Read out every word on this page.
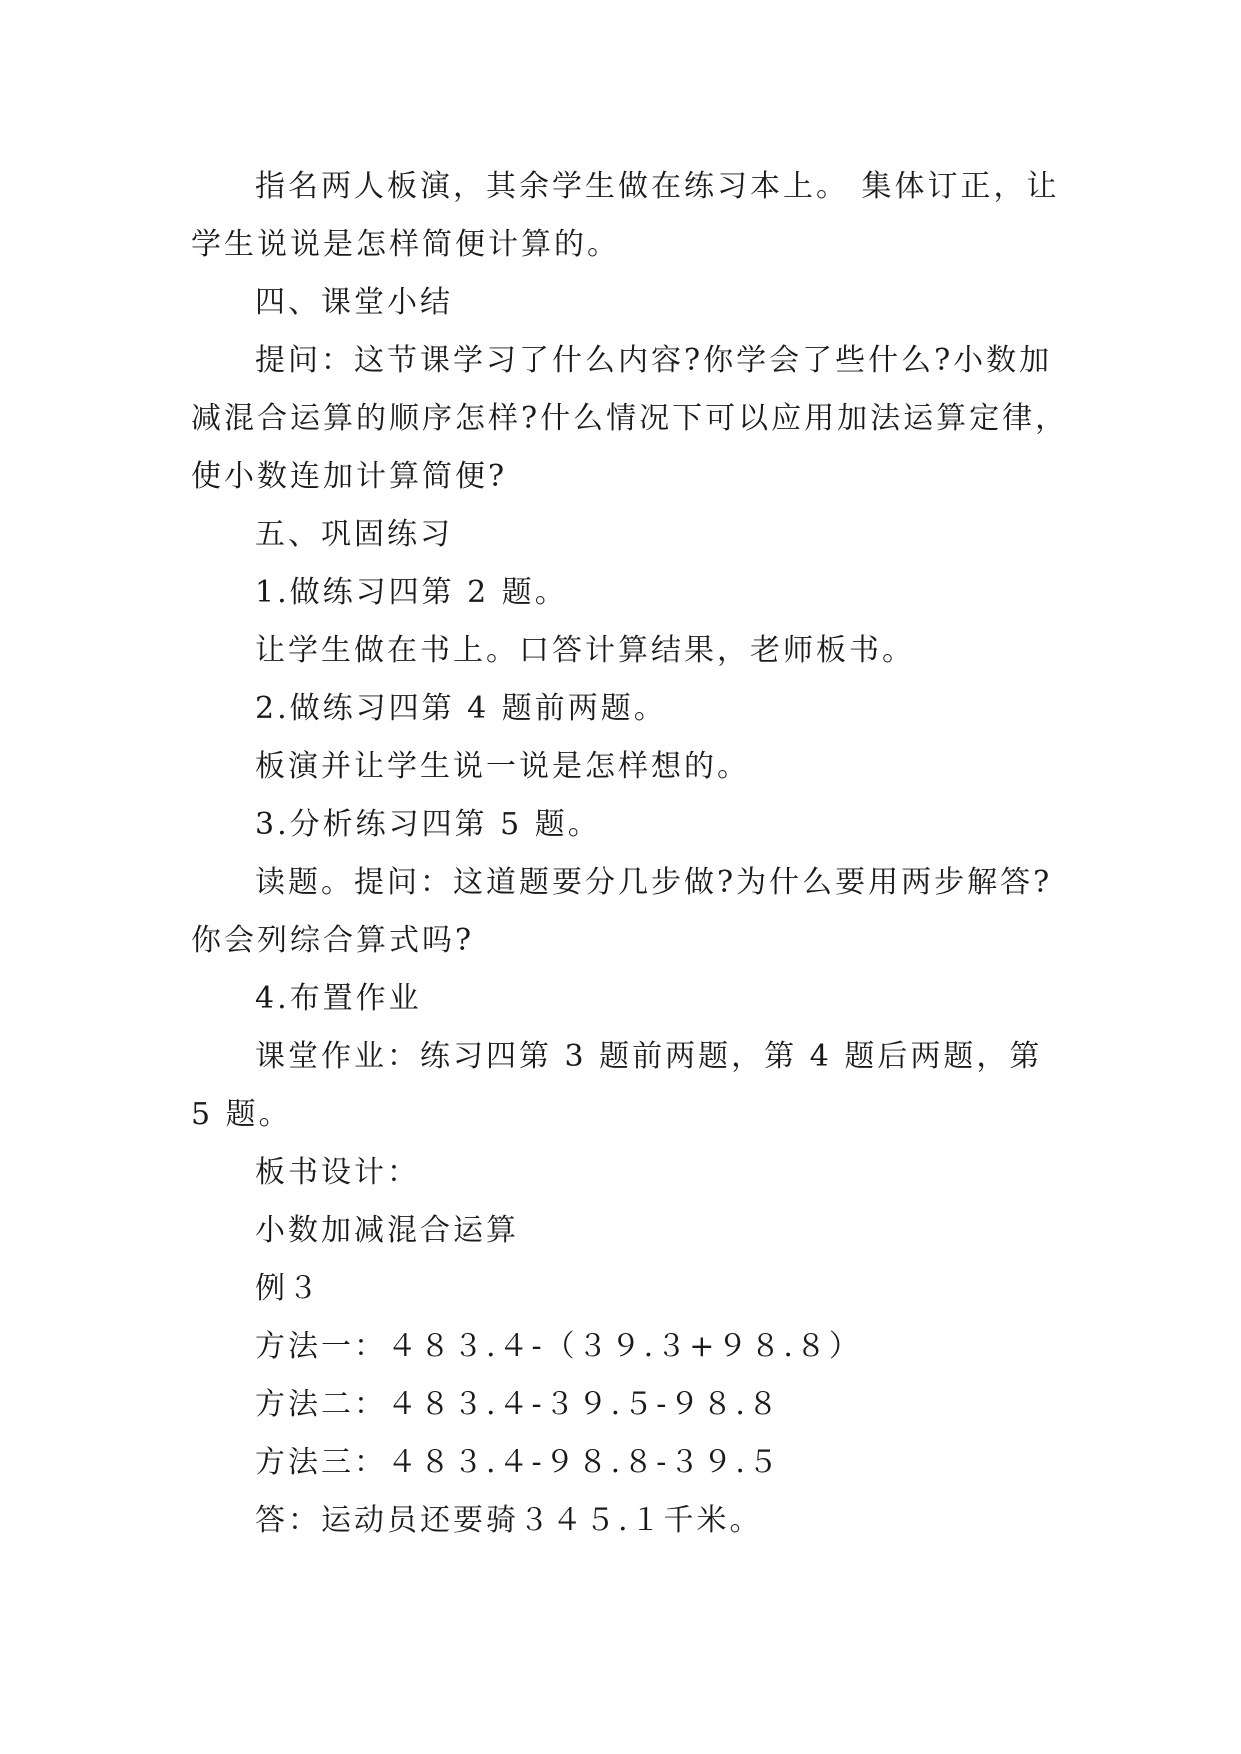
指名两人板演，其余学生做在练习本上。 集体订正，让学生说说是怎样简便计算的。

四、课堂小结

提问：这节课学习了什么内容?你学会了些什么?小数加减混合运算的顺序怎样?什么情况下可以应用加法运算定律，使小数连加计算简便?

五、巩固练习

1.做练习四第 2 题。

让学生做在书上。口答计算结果，老师板书。

2.做练习四第 4 题前两题。

板演并让学生说一说是怎样想的。

3.分析练习四第 5 题。

读题。提问：这道题要分几步做?为什么要用两步解答?你会列综合算式吗?

4.布置作业

课堂作业：练习四第 3 题前两题，第 4 题后两题，第 5 题。

板书设计：

小数加减混合运算

例３

方法一：４８３.４-（３９.３+９８.８）

方法二：４８３.４-３９.５-９８.８

方法三：４８３.４-９８.８-３９.５

答：运动员还要骑３４５.１千米。
